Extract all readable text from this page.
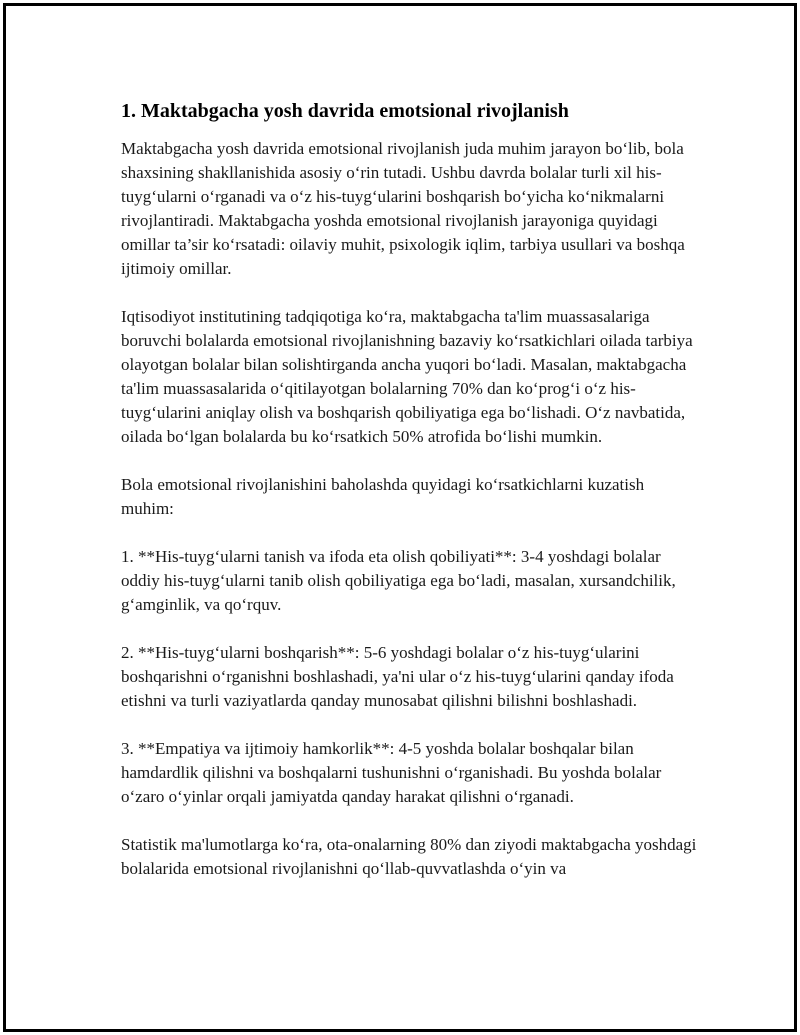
1. Maktabgacha yosh davrida emotsional rivojlanish

Maktabgacha yosh davrida emotsional rivojlanish juda muhim jarayon bo‘lib, bola shaxsining shakllanishida asosiy o‘rin tutadi. Ushbu davrda bolalar turli xil his-tuyg‘ularni o‘rganadi va o‘z his-tuyg‘ularini boshqarish bo‘yicha ko‘nikmalarni rivojlantiradi. Maktabgacha yoshda emotsional rivojlanish jarayoniga quyidagi omillar ta’sir ko‘rsatadi: oilaviy muhit, psixologik iqlim, tarbiya usullari va boshqa ijtimoiy omillar.

Iqtisodiyot institutining tadqiqotiga ko‘ra, maktabgacha ta'lim muassasalariga boruvchi bolalarda emotsional rivojlanishning bazaviy ko‘rsatkichlari oilada tarbiya olayotgan bolalar bilan solishtirganda ancha yuqori bo‘ladi. Masalan, maktabgacha ta'lim muassasalarida o‘qitilayotgan bolalarning 70% dan ko‘prog‘i o‘z his-tuyg‘ularini aniqlay olish va boshqarish qobiliyatiga ega bo‘lishadi. O‘z navbatida, oilada bo‘lgan bolalarda bu ko‘rsatkich 50% atrofida bo‘lishi mumkin.

Bola emotsional rivojlanishini baholashda quyidagi ko‘rsatkichlarni kuzatish muhim:

1. **His-tuyg‘ularni tanish va ifoda eta olish qobiliyati**: 3-4 yoshdagi bolalar oddiy his-tuyg‘ularni tanib olish qobiliyatiga ega bo‘ladi, masalan, xursandchilik, g‘amginlik, va qo‘rquv.

2. **His-tuyg‘ularni boshqarish**: 5-6 yoshdagi bolalar o‘z his-tuyg‘ularini boshqarishni o‘rganishni boshlashadi, ya'ni ular o‘z his-tuyg‘ularini qanday ifoda etishni va turli vaziyatlarda qanday munosabat qilishni bilishni boshlashadi.

3. **Empatiya va ijtimoiy hamkorlik**: 4-5 yoshda bolalar boshqalar bilan hamdardlik qilishni va boshqalarni tushunishni o‘rganishadi. Bu yoshda bolalar o‘zaro o‘yinlar orqali jamiyatda qanday harakat qilishni o‘rganadi.

Statistik ma'lumotlarga ko‘ra, ota-onalarning 80% dan ziyodi maktabgacha yoshdagi bolalarida emotsional rivojlanishni qo‘llab-quvvatlashda o‘yin va
